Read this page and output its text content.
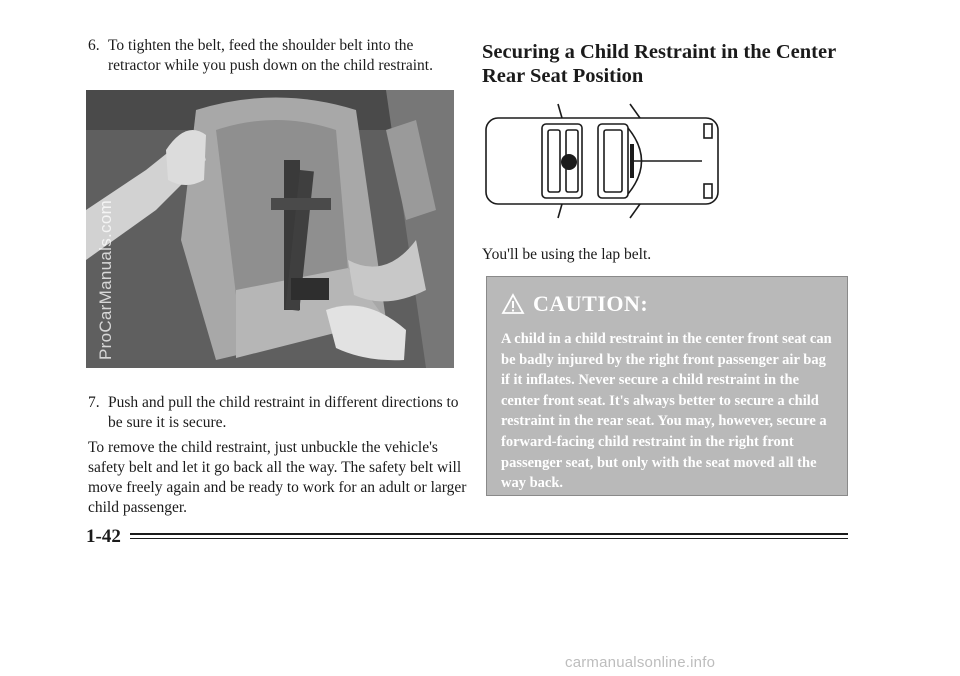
6. To tighten the belt, feed the shoulder belt into the retractor while you push down on the child restraint.
ProCarManuals.com
7. Push and pull the child restraint in different directions to be sure it is secure.

To remove the child restraint, just unbuckle the vehicle's safety belt and let it go back all the way. The safety belt will move freely again and be ready to work for an adult or larger child passenger.

Securing a Child Restraint in the Center Rear Seat Position
You'll be using the lap belt.
CAUTION:

A child in a child restraint in the center front seat can be badly injured by the right front passenger air bag if it inflates. Never secure a child restraint in the center front seat. It's always better to secure a child restraint in the rear seat. You may, however, secure a forward-facing child restraint in the right front passenger seat, but only with the seat moved all the way back.

1-42
carmanualsonline.info
